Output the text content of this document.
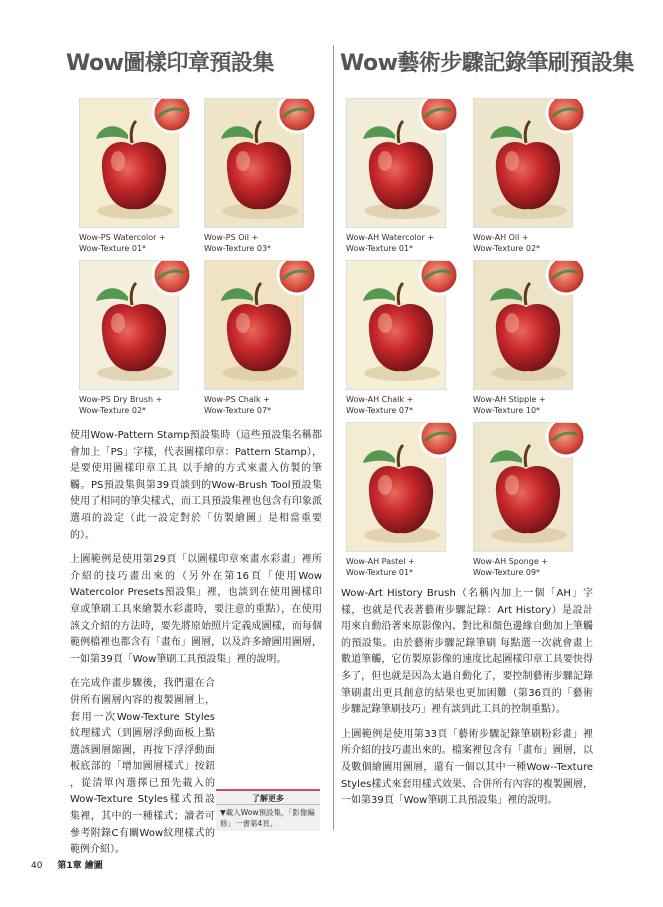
Wow圖樣印章預設集	Wow藝術步驟記錄筆刷預設集
Wow-PS Watercolor +
Wow-Texture 01*
Wow-PS Oil +
Wow-Texture 03*
Wow-PS Dry Brush +
Wow-Texture 02*
Wow-PS Chalk +
Wow-Texture 07*
Wow-AH Watercolor +
Wow-Texture 01*
Wow-AH Oil +
Wow-Texture 02*
Wow-AH Chalk +
Wow-Texture 07*
Wow-AH Stipple +
Wow-Texture 10*
Wow-AH Pastel +
Wow-Texture 01*
Wow-AH Sponge +
Wow-Texture 09*

使用Wow-Pattern Stamp預設集時（這些預設集名稱都會加上「PS」字樣，代表圖樣印章：Pattern Stamp），是要使用圖樣印章工具 以手繪的方式來畫入仿製的筆觸。PS預設集與第39頁談到的Wow-Brush Tool預設集使用了相同的筆尖樣式，而工具預設集裡也包含有印象派選項的設定（此一設定對於「仿製繪圖」是相當重要的）。

上圖範例是使用第29頁「以圖樣印章來畫水彩畫」裡所介紹的技巧畫出來的（另外在第16頁「使用Wow Watercolor Presets預設集」裡，也談到在使用圖樣印章或筆刷工具來繪製水彩畫時，要注意的重點），在使用該文介紹的方法時，要先將原始照片定義成圖樣，而每個範例檔裡也都含有「畫布」圖層，以及許多繪圖用圖層，一如第39頁「Wow筆刷工具預設集」裡的說明。

在完成作畫步驟後，我們還在合併所有圖層內容的複製圖層上，套用一次Wow-Texture Styles紋理樣式（到圖層浮動面板上點選該圖層縮圖，再按下浮浮動面板底部的「增加圖層樣式」按鈕 ，從清單內選擇已預先載入的Wow-Texture Styles樣式預設集裡，其中的一種樣式；讀者可參考附錄C有關Wow紋理樣式的範例介紹）。

了解更多
▼載入Wow預設集，「影像編修」一書第4頁。

Wow-Art History Brush（名稱內加上一個「AH」字樣，也就是代表著藝術步驟記錄：Art History）是設計用來自動沿著來原影像內、對比和顏色邊緣自動加上筆觸的預設集。由於藝術步驟記錄筆刷 每點選一次就會畫上數道筆觸，它仿製原影像的速度比起圖樣印章工具要快得多了，但也就是因為太過自動化了，要控制藝術步驟記錄筆刷畫出更具創意的結果也更加困難（第36頁的「藝術步驟記錄筆刷技巧」裡有談到此工具的控制重點）。

上圖範例是使用第33頁「藝術步驟記錄筆刷粉彩畫」裡所介紹的技巧畫出來的。檔案裡包含有「畫布」圖層，以及數個繪圖用圖層，還有一個以其中一種Wow--Texture Styles樣式來套用樣式效果、合併所有內容的複製圖層，一如第39頁「Wow筆刷工具預設集」裡的說明。

40 第1章 繪圖
